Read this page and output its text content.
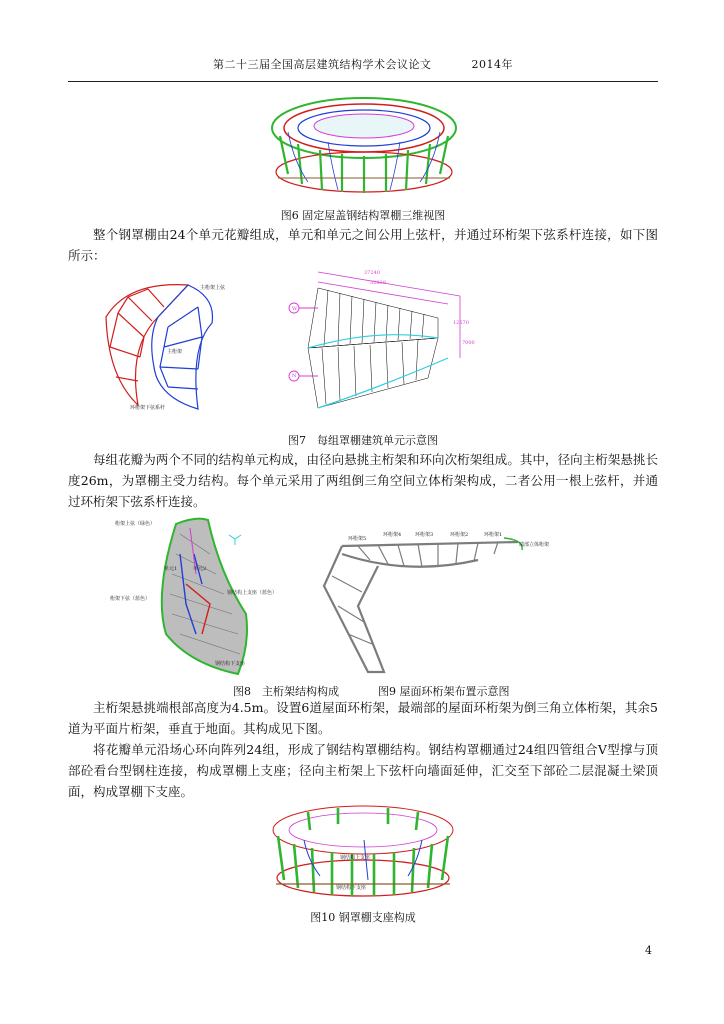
第二十三届全国高层建筑结构学术会议论文	2014年
图6 固定屋盖钢结构罩棚三维视图
整个钢罩棚由24个单元花瓣组成，单元和单元之间公用上弦杆，并通过环桁架下弦系杆连接，如下图所示：
主桁架上弦
主桁架
环桁架下弦系杆
37240
32839
12570
7000
W
N
图7　每组罩棚建筑单元示意图
每组花瓣为两个不同的结构单元构成，由径向悬挑主桁架和环向次桁架组成。其中，径向主桁架悬挑长度26m，为罩棚主受力结构。每个单元采用了两组倒三角空间立体桁架构成，二者公用一根上弦杆，并通过环桁架下弦系杆连接。
桁架上弦（绿色）
单元1	单元2
桁架下弦（蓝色）
钢结构上支座（蓝色）
钢结构下支座
环桁架5
环桁架4	环桁架3	环桁架2	环桁架1
端部立体桁架
图8　主桁架结构构成	图9 屋面环桁架布置示意图
主桁架悬挑端根部高度为4.5m。设置6道屋面环桁架，最端部的屋面环桁架为倒三角立体桁架，其余5道为平面片桁架，垂直于地面。其构成见下图。
将花瓣单元沿场心环向阵列24组，形成了钢结构罩棚结构。钢结构罩棚通过24组四管组合V型撑与顶部砼看台型钢柱连接，构成罩棚上支座；径向主桁架上下弦杆向墙面延伸，汇交至下部砼二层混凝土梁顶面，构成罩棚下支座。
钢结构上支座
钢结构下支座
图10 钢罩棚支座构成
4
